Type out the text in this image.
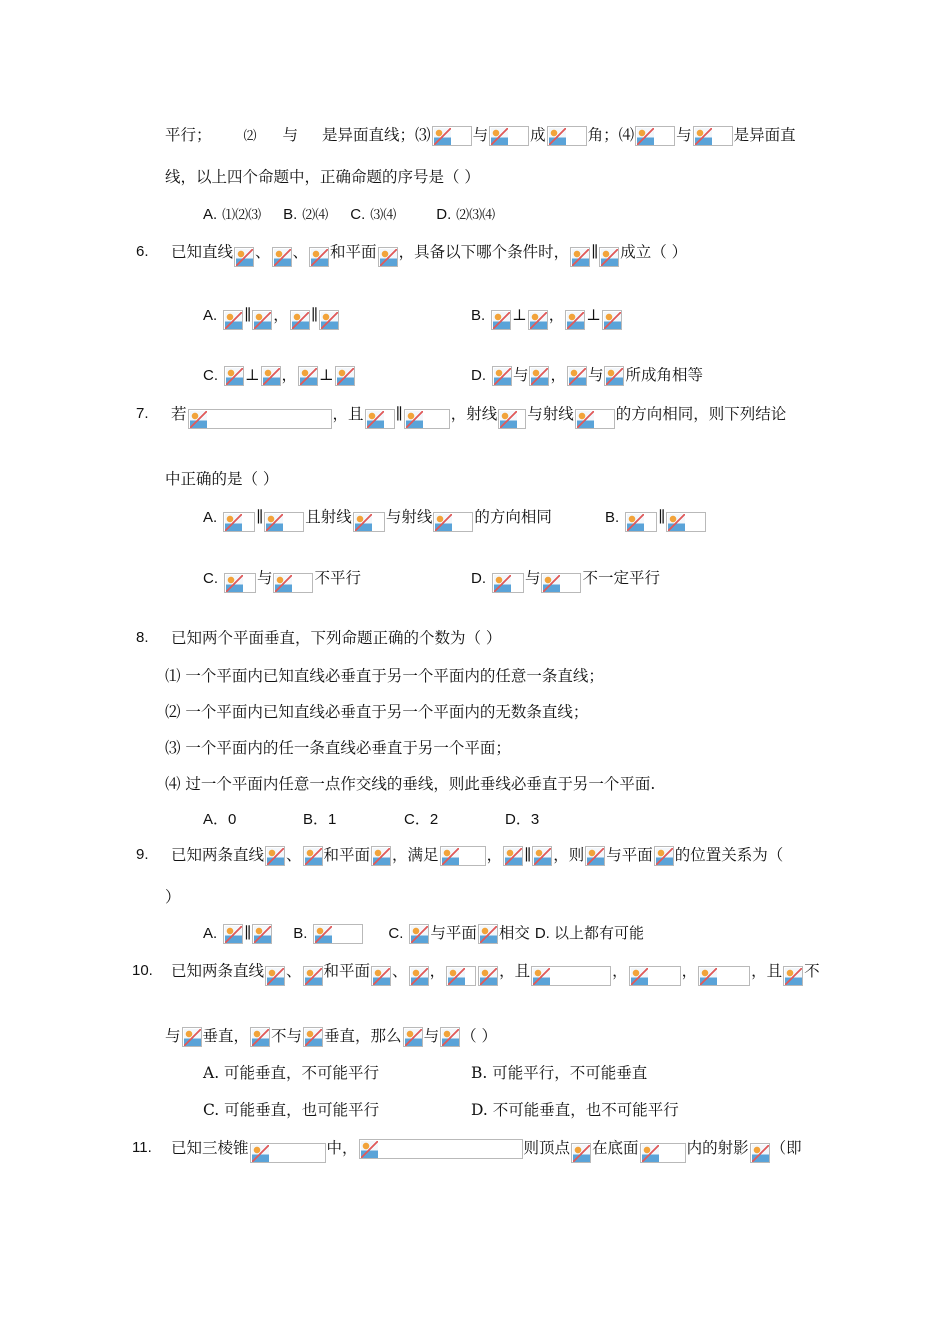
平行； ⑵ 与 是异面直线；⑶	与	成	角；⑷	与	是异面直
线，以上四个命题中，正确命题的序号是（ ）
A. ⑴⑵⑶ B. ⑵⑷ C. ⑶⑷	D. ⑵⑶⑷
6. 已知直线 、 、 和平面 ，具备以下哪个条件时， ∥ 成立（ ）
A. ∥ ， ∥	B. ⊥ ， ⊥
C. ⊥ ， ⊥	D. 与 ， 与 所成角相等
7. 若	，且 ∥	，射线 与射线	的方向相同，则下列结论
中正确的是（ ）
A.	∥	且射线 与射线	的方向相同	B.	∥
C.	与	不平行	D.	与	不一定平行
8. 已知两个平面垂直，下列命题正确的个数为（ ）
⑴ 一个平面内已知直线必垂直于另一个平面内的任意一条直线；
⑵ 一个平面内已知直线必垂直于另一个平面内的无数条直线；
⑶ 一个平面内的任一条直线必垂直于另一个平面；
⑷ 过一个平面内任意一点作交线的垂线，则此垂线必垂直于另一个平面.
A．0	B．1	C．2	D．3
9. 已知两条直线 、 和平面 ，满足	， ∥ ，则 与平面 的位置关系为（
）
A. ∥	B.	C. 与平面 相交 D. 以上都有可能
10. 已知两条直线 、 和平面 、 ，	，且	，	，	，且 不
与 垂直， 不与 垂直，那么 与 （ ）
A. 可能垂直，不可能平行	B. 可能平行，不可能垂直
C. 可能垂直，也可能平行	D. 不可能垂直，也不可能平行
11. 已知三棱锥	中，	则顶点 在底面	内的射影 （即
